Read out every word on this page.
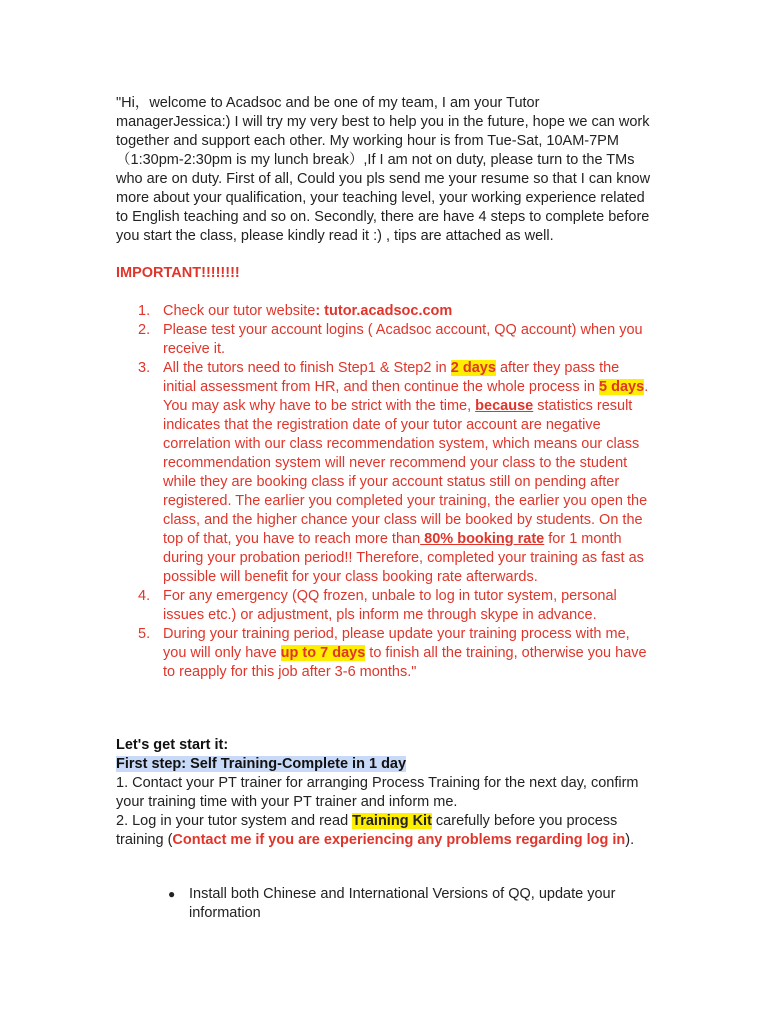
"Hi，welcome to Acadsoc and be one of my team, I am your Tutor managerJessica:) I will try my very best to help you in the future, hope we can work together and support each other. My working hour is from Tue-Sat, 10AM-7PM（1:30pm-2:30pm is my lunch break）,If I am not on duty, please turn to the TMs who are on duty. First of all, Could you pls send me your resume so that I can know more about your qualification, your teaching level, your working experience related to English teaching and so on. Secondly, there are have 4 steps to complete before you start the class, please kindly read it :) , tips are attached as well.

IMPORTANT!!!!!!!!

1. Check our tutor website: tutor.acadsoc.com
2. Please test your account logins ( Acadsoc account, QQ account) when you receive it.
3. All the tutors need to finish Step1 & Step2 in 2 days after they pass the initial assessment from HR, and then continue the whole process in 5 days. You may ask why have to be strict with the time, because statistics result indicates that the registration date of your tutor account are negative correlation with our class recommendation system, which means our class recommendation system will never recommend your class to the student while they are booking class if your account status still on pending after registered. The earlier you completed your training, the earlier you open the class, and the higher chance your class will be booked by students. On the top of that, you have to reach more than 80% booking rate for 1 month during your probation period!! Therefore, completed your training as fast as possible will benefit for your class booking rate afterwards.
4. For any emergency (QQ frozen, unbale to log in tutor system, personal issues etc.) or adjustment, pls inform me through skype in advance.
5. During your training period, please update your training process with me, you will only have up to 7 days to finish all the training, otherwise you have to reapply for this job after 3-6 months."
Let's get start it:
First step: Self Training-Complete in 1 day
1. Contact your PT trainer for arranging Process Training for the next day, confirm your training time with your PT trainer and inform me.
2. Log in your tutor system and read Training Kit carefully before you process training (Contact me if you are experiencing any problems regarding log in).
● Install both Chinese and International Versions of QQ, update your information
